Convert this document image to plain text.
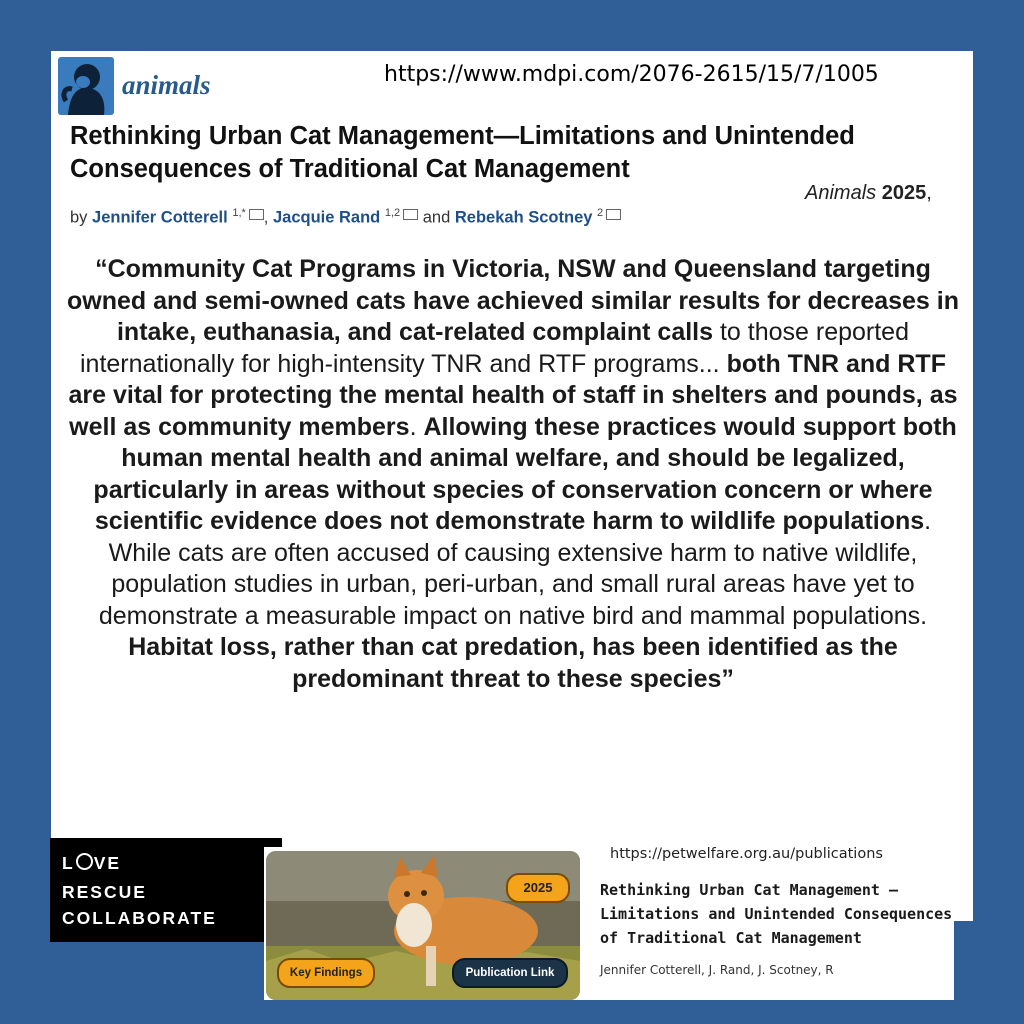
animals	https://www.mdpi.com/2076-2615/15/7/1005
Rethinking Urban Cat Management—Limitations and Unintended
Consequences of Traditional Cat Management
Animals 2025,
by Jennifer Cotterell $^{1,*}$ , Jacquie Rand $^{1,2}$ and Rebekah Scotney $^2$
“Community Cat Programs in Victoria, NSW and Queensland targeting owned and semi-owned cats have achieved similar results for decreases in intake, euthanasia, and cat-related complaint calls to those reported internationally for high-intensity TNR and RTF programs... both TNR and RTF are vital for protecting the mental health of staff in shelters and pounds, as well as community members. Allowing these practices would support both human mental health and animal welfare, and should be legalized, particularly in areas without species of conservation concern or where scientific evidence does not demonstrate harm to wildlife populations. While cats are often accused of causing extensive harm to native wildlife, population studies in urban, peri-urban, and small rural areas have yet to demonstrate a measurable impact on native bird and mammal populations. Habitat loss, rather than cat predation, has been identified as the predominant threat to these species”
L VE
RESCUE
COLLABORATE
2025
Key Findings	Publication Link
https://petwelfare.org.au/publications
Rethinking Urban Cat Management – Limitations and Unintended Consequences of Traditional Cat Management
Jennifer Cotterell, J. Rand, J. Scotney, R
